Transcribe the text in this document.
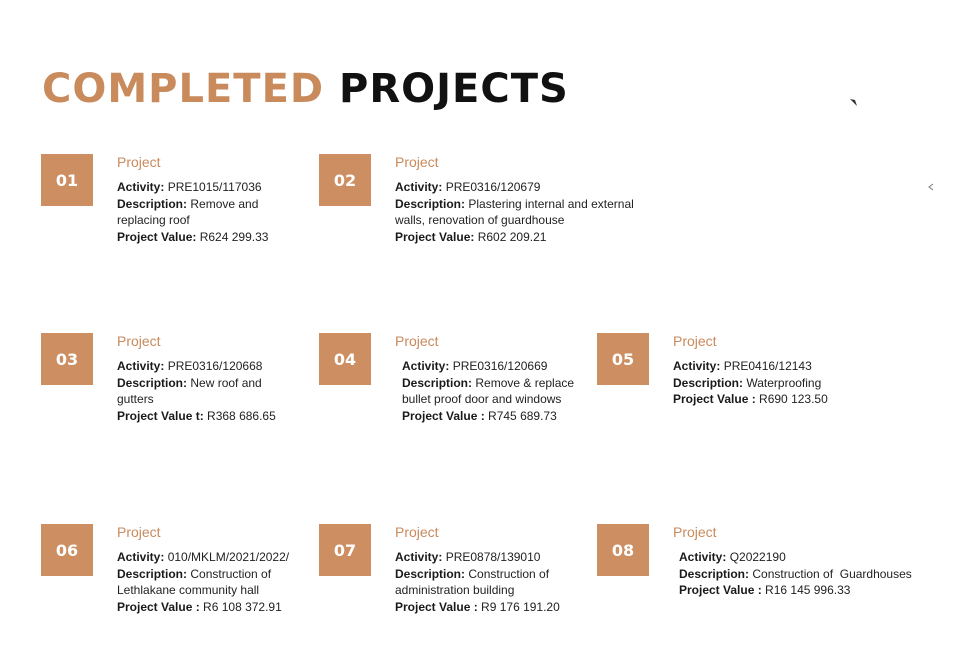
COMPLETED PROJECTS
01

Project

Activity: PRE1015/117036

Description: Remove and replacing roof

Project Value: R624 299.33

02

Project

Activity: PRE0316/120679

Description: Plastering internal and external walls, renovation of guardhouse

Project Value: R602 209.21

03

Project

Activity: PRE0316/120668

Description: New roof and gutters

Project Value t: R368 686.65

04

Project

Activity: PRE0316/120669

Description: Remove & replace bullet proof door and windows

Project Value : R745 689.73

05

Project

Activity: PRE0416/12143

Description: Waterproofing

Project Value : R690 123.50

06

Project

Activity: 010/MKLM/2021/2022/

Description: Construction of Lethlakane community hall

Project Value : R6 108 372.91

07

Project

Activity: PRE0878/139010

Description: Construction of administration building

Project Value : R9 176 191.20

08

Project

Activity: Q2022190

Description: Construction of  Guardhouses

Project Value : R16 145 996.33
